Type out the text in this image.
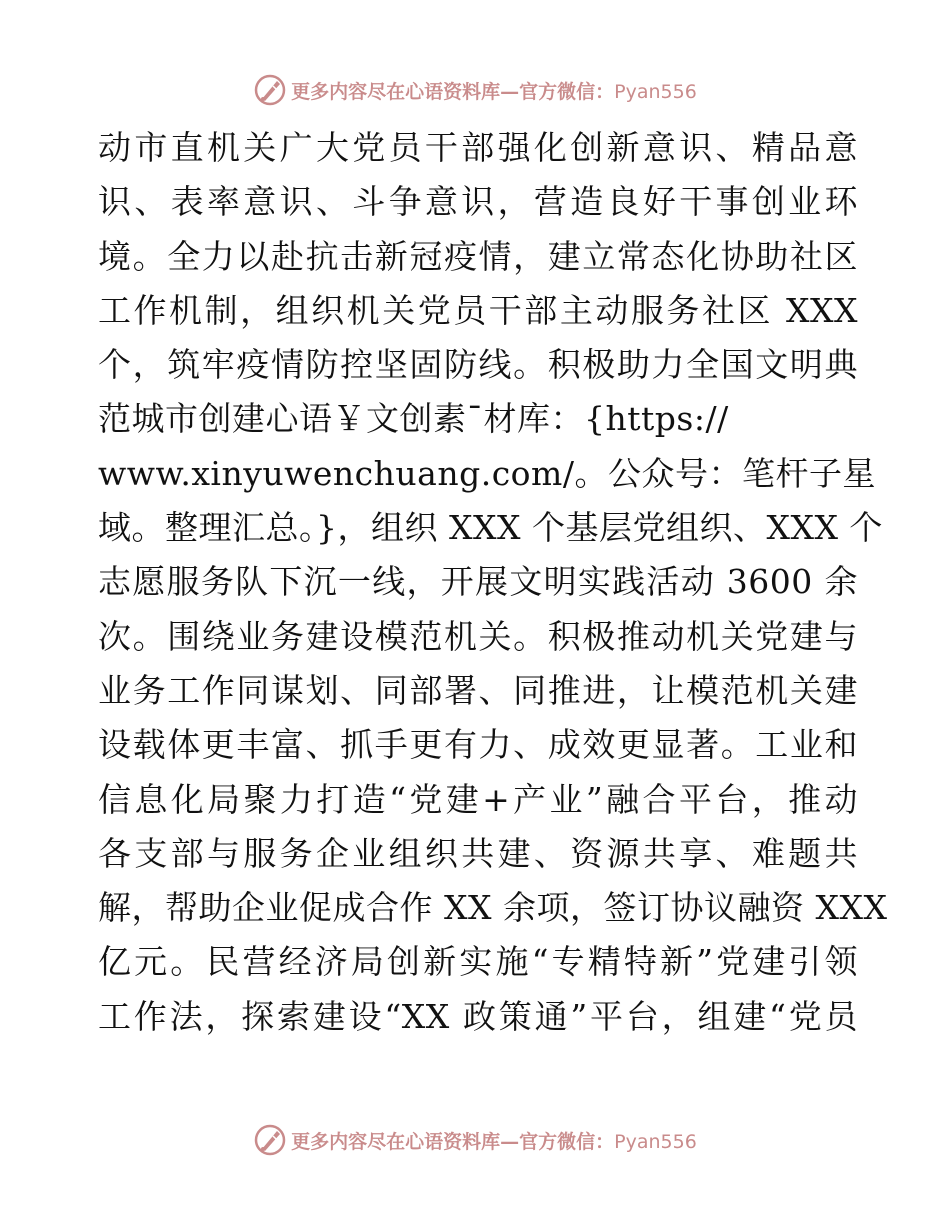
更多内容尽在心语资料库—官方微信：Pyan556
动市直机关广大党员干部强化创新意识、精品意
识、表率意识、斗争意识，营造良好干事创业环
境。全力以赴抗击新冠疫情，建立常态化协助社区
工作机制，组织机关党员干部主动服务社区 XXX
个，筑牢疫情防控坚固防线。积极助力全国文明典
范城市创建心语￥文创素¯材库：{https://
www.xinyuwenchuang.com/。公众号：笔杆子星
域。整理汇总。}，组织 XXX 个基层党组织、XXX 个
志愿服务队下沉一线，开展文明实践活动 3600 余
次。围绕业务建设模范机关。积极推动机关党建与
业务工作同谋划、同部署、同推进，让模范机关建
设载体更丰富、抓手更有力、成效更显著。工业和
信息化局聚力打造“党建+产业”融合平台，推动
各支部与服务企业组织共建、资源共享、难题共
解，帮助企业促成合作 XX 余项，签订协议融资 XXX
亿元。民营经济局创新实施“专精特新”党建引领
工作法，探索建设“XX 政策通”平台，组建“党员
更多内容尽在心语资料库—官方微信：Pyan556
